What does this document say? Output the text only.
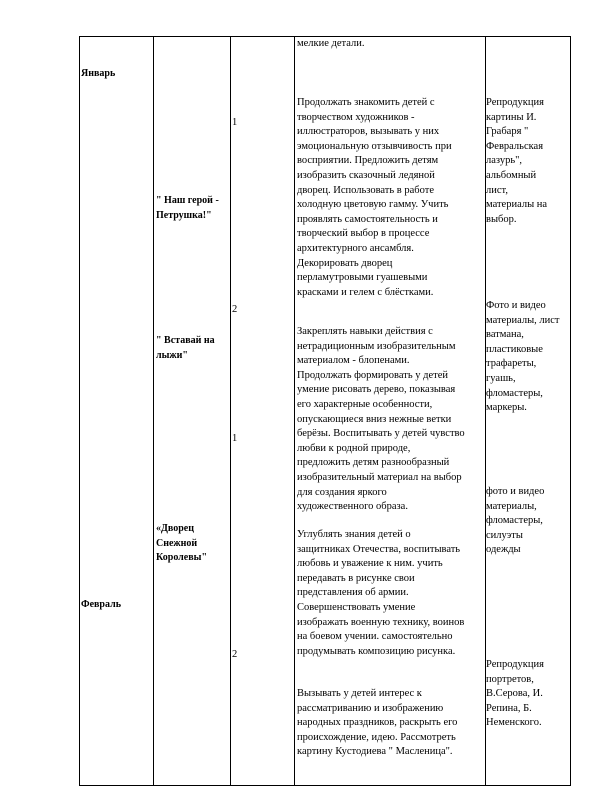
Январь
Февраль
" Наш герой -
Петрушка!"
" Вставай на
лыжи"
«Дворец
Снежной
Королевы"
1
2
1
2
мелкие детали.
Продолжать знакомить детей с
творчеством художников -
иллюстраторов, вызывать у них
эмоциональную отзывчивость при
восприятии. Предложить детям
изобразить сказочный ледяной
дворец. Использовать в работе
холодную цветовую гамму. Учить
проявлять самостоятельность и
творческий выбор в процессе
архитектурного ансамбля.
Декорировать дворец
перламутровыми гуашевыми
красками и гелем с блёстками.
Закреплять навыки действия с
нетрадиционным изобразительным
материалом - блопенами.
Продолжать формировать у детей
умение рисовать дерево, показывая
его характерные особенности,
опускающиеся вниз нежные ветки
берёзы. Воспитывать у детей чувство
любви к родной природе,
предложить детям разнообразный
изобразительный материал на выбор
для создания яркого
художественного образа.
Углублять знания детей о
защитниках Отечества, воспитывать
любовь и уважение к ним. учить
передавать в рисунке свои
представления об армии.
Совершенствовать умение
изображать военную технику, воинов
на боевом учении. самостоятельно
продумывать композицию рисунка.
Вызывать у детей интерес к
рассматриванию и изображению
народных праздников, раскрыть его
происхождение, идею. Рассмотреть
картину Кустодиева " Масленица".
Репродукция
картины И.
Грабаря "
Февральская
лазурь",
альбомный лист,
материалы на
выбор.
Фото и видео
материалы, лист
ватмана,
пластиковые
трафареты,
гуашь,
фломастеры,
маркеры.
фото и видео
материалы,
фломастеры,
силуэты одежды
Репродукция
портретов,
В.Серова, И.
Репина, Б.
Неменского.
